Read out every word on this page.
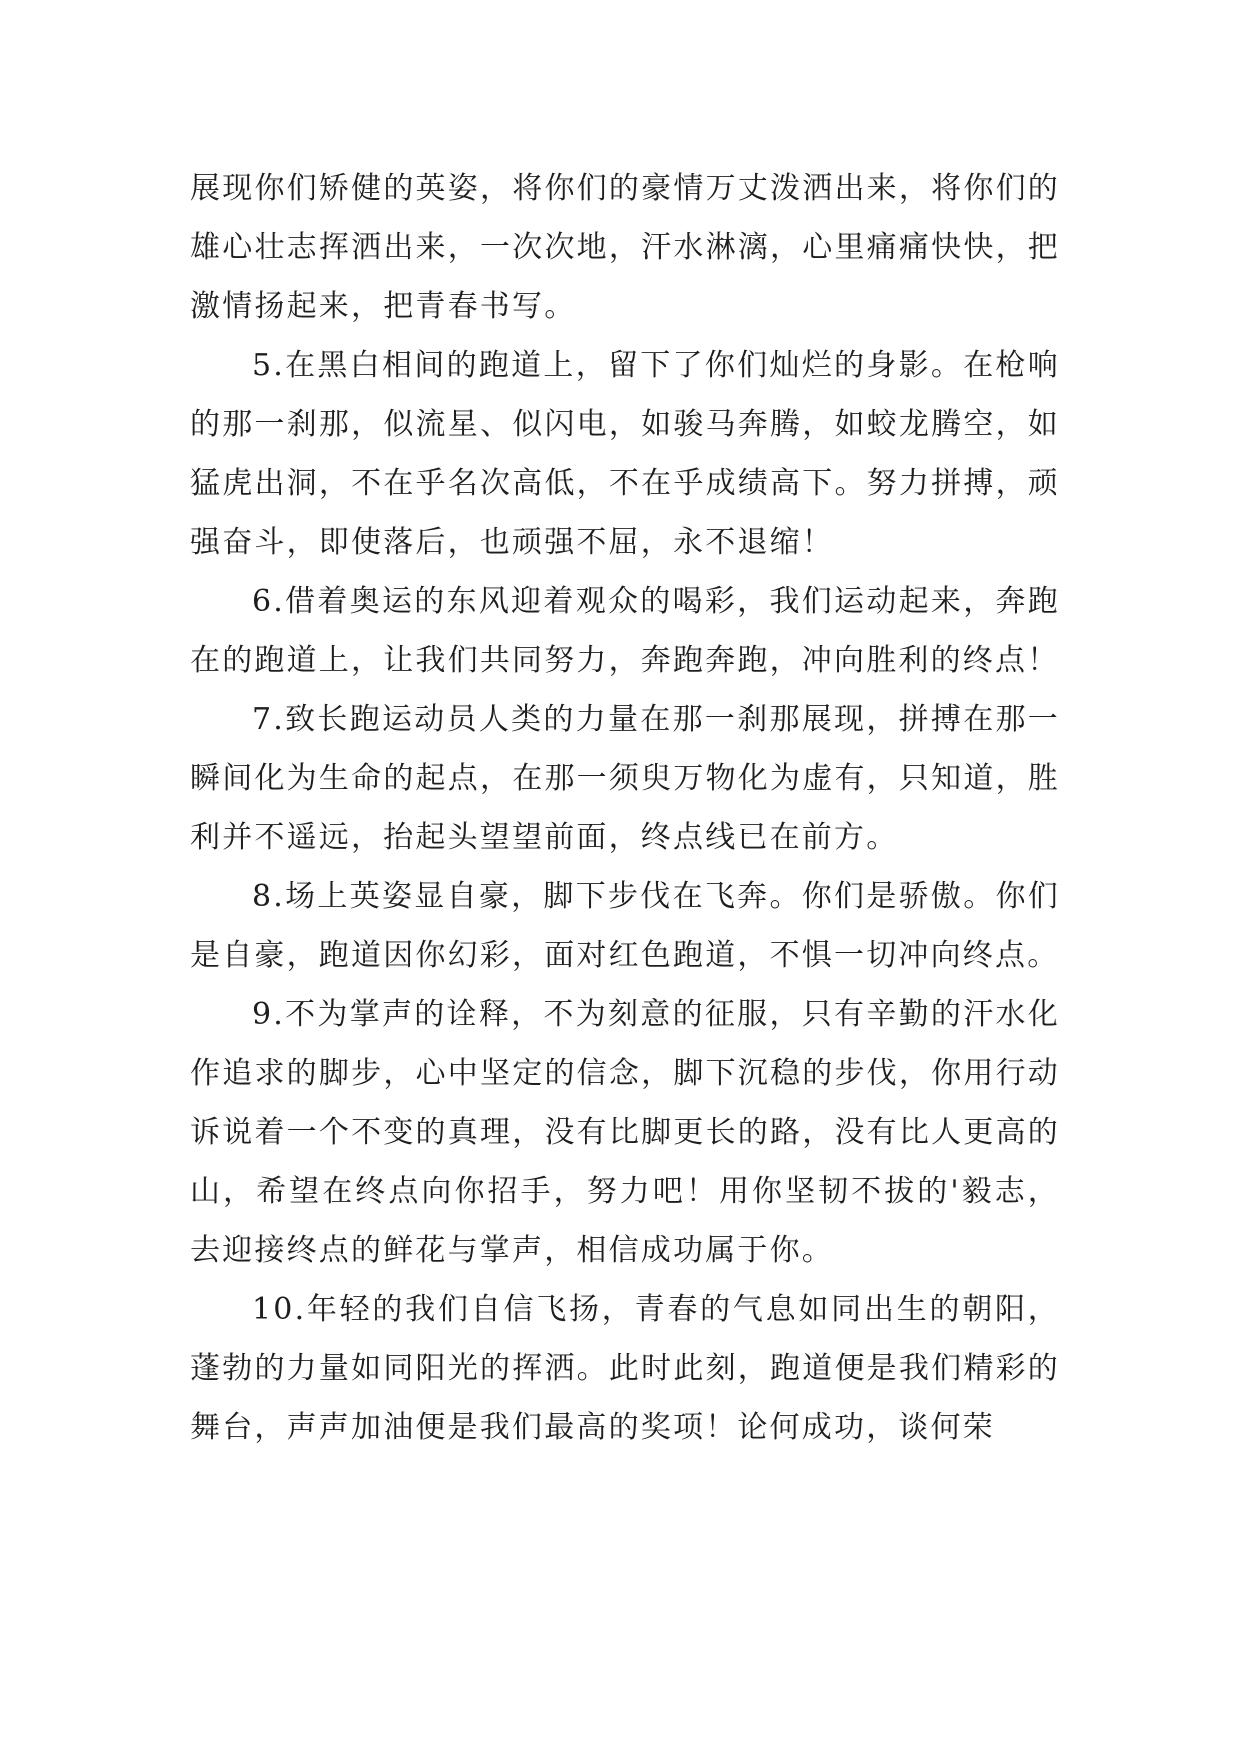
展现你们矫健的英姿，将你们的豪情万丈泼洒出来，将你们的雄心壮志挥洒出来，一次次地，汗水淋漓，心里痛痛快快，把激情扬起来，把青春书写。

5.在黑白相间的跑道上，留下了你们灿烂的身影。在枪响的那一刹那，似流星、似闪电，如骏马奔腾，如蛟龙腾空，如猛虎出洞，不在乎名次高低，不在乎成绩高下。努力拼搏，顽强奋斗，即使落后，也顽强不屈，永不退缩！

6.借着奥运的东风迎着观众的喝彩，我们运动起来，奔跑在的跑道上，让我们共同努力，奔跑奔跑，冲向胜利的终点！

7.致长跑运动员人类的力量在那一刹那展现，拼搏在那一瞬间化为生命的起点，在那一须臾万物化为虚有，只知道，胜利并不遥远，抬起头望望前面，终点线已在前方。

8.场上英姿显自豪，脚下步伐在飞奔。你们是骄傲。你们是自豪，跑道因你幻彩，面对红色跑道，不惧一切冲向终点。

9.不为掌声的诠释，不为刻意的征服，只有辛勤的汗水化作追求的脚步，心中坚定的信念，脚下沉稳的步伐，你用行动诉说着一个不变的真理，没有比脚更长的路，没有比人更高的山，希望在终点向你招手，努力吧！用你坚韧不拔的'毅志，去迎接终点的鲜花与掌声，相信成功属于你。

10.年轻的我们自信飞扬，青春的气息如同出生的朝阳，蓬勃的力量如同阳光的挥洒。此时此刻，跑道便是我们精彩的舞台，声声加油便是我们最高的奖项！论何成功，谈何荣
